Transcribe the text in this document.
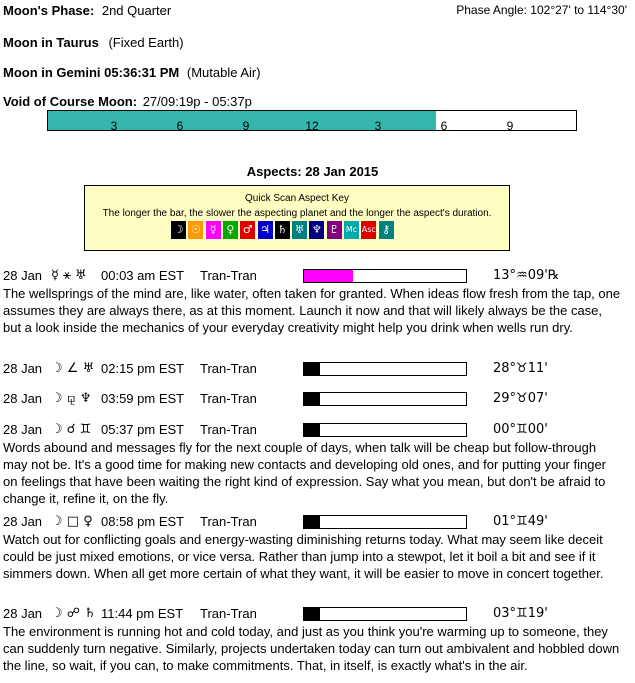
Moon's Phase: 2nd Quarter	Phase Angle: 102°27' to 114°30'
Moon in Taurus (Fixed Earth)
Moon in Gemini 05:36:31 PM (Mutable Air)
Void of Course Moon: 27/09:19p - 05:37p
3	6	9	12	3	6	9
Aspects: 28 Jan 2015
Quick Scan Aspect Key
The longer the bar, the slower the aspecting planet and the longer the aspect's duration.
☽ ☉ ☿ ♀ ♂ ♃ ♄ ♅ ♆ ♇ Mc Asc ⚷
28 Jan ☿ ⚹ ♅ 00:03 am EST Tran-Tran	13°♒09'℞
The wellsprings of the mind are, like water, often taken for granted. When ideas flow fresh from the tap, one assumes they are always there, as at this moment. Launch it now and that will likely always be the case, but a look inside the mechanics of your everyday creativity might help you drink when wells run dry.
28 Jan ☽ ∠ ♅ 02:15 pm EST Tran-Tran	28°♉11'
28 Jan ☽ ⚼ ♆ 03:59 pm EST Tran-Tran	29°♉07'
28 Jan ☽ ☌ ♊ 05:37 pm EST Tran-Tran	00°♊00'
Words abound and messages fly for the next couple of days, when talk will be cheap but follow-through may not be. It's a good time for making new contacts and developing old ones, and for putting your finger on feelings that have been waiting the right kind of expression. Say what you mean, but don't be afraid to change it, refine it, on the fly.
28 Jan ☽ □ ♀ 08:58 pm EST Tran-Tran	01°♊49'
Watch out for conflicting goals and energy-wasting diminishing returns today. What may seem like deceit could be just mixed emotions, or vice versa. Rather than jump into a stewpot, let it boil a bit and see if it simmers down. When all get more certain of what they want, it will be easier to move in concert together.
28 Jan ☽ ☍ ♄ 11:44 pm EST Tran-Tran	03°♊19'
The environment is running hot and cold today, and just as you think you're warming up to someone, they can suddenly turn negative. Similarly, projects undertaken today can turn out ambivalent and hobbled down the line, so wait, if you can, to make commitments. That, in itself, is exactly what's in the air.
